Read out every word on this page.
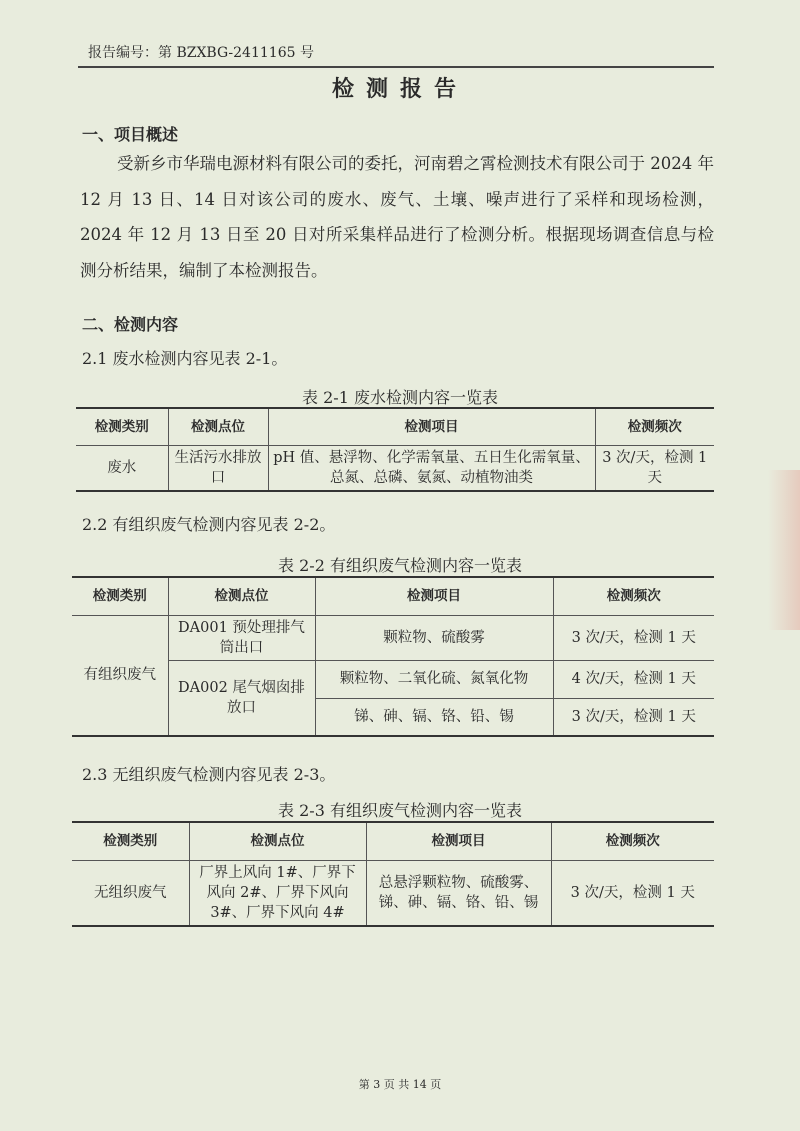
报告编号：第 BZXBG-2411165 号
检测报告
一、项目概述
受新乡市华瑞电源材料有限公司的委托，河南碧之霄检测技术有限公司于 2024 年 12 月 13 日、14 日对该公司的废水、废气、土壤、噪声进行了采样和现场检测，2024 年 12 月 13 日至 20 日对所采集样品进行了检测分析。根据现场调查信息与检测分析结果，编制了本检测报告。
二、检测内容
2.1 废水检测内容见表 2-1。
表 2-1 废水检测内容一览表
检测类别	检测点位	检测项目	检测频次
废水	生活污水排放口	pH 值、悬浮物、化学需氧量、五日生化需氧量、总氮、总磷、氨氮、动植物油类	3 次/天，检测 1 天
2.2 有组织废气检测内容见表 2-2。
表 2-2 有组织废气检测内容一览表
检测类别	检测点位	检测项目	检测频次
有组织废气	DA001 预处理排气筒出口	颗粒物、硫酸雾	3 次/天，检测 1 天
	DA002 尾气烟囱排放口	颗粒物、二氧化硫、氮氧化物	4 次/天，检测 1 天
		锑、砷、镉、铬、铅、锡	3 次/天，检测 1 天
2.3 无组织废气检测内容见表 2-3。
表 2-3 有组织废气检测内容一览表
检测类别	检测点位	检测项目	检测频次
无组织废气	厂界上风向 1#、厂界下风向 2#、厂界下风向 3#、厂界下风向 4#	总悬浮颗粒物、硫酸雾、锑、砷、镉、铬、铅、锡	3 次/天，检测 1 天
第 3 页 共 14 页
